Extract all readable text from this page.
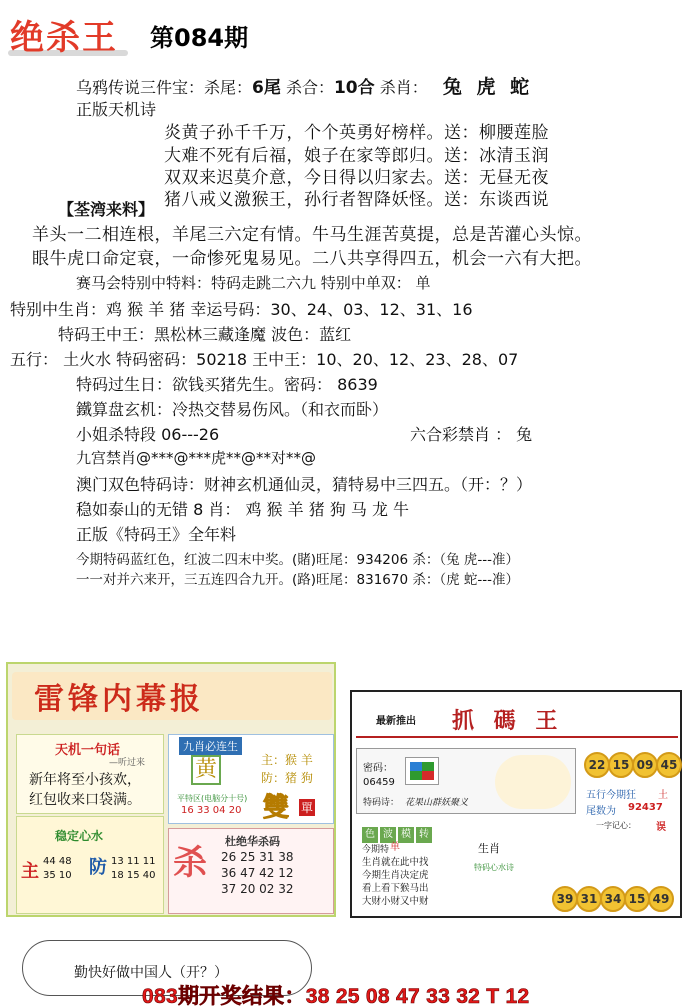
绝杀王 第084期
乌鸦传说三件宝：杀尾：6尾 杀合：10合 杀肖： 兔 虎 蛇
正版天机诗
炎黄子孙千千万，个个英勇好榜样。送：柳腰莲脸
大难不死有后福，娘子在家等郎归。送：冰清玉润
双双来迟莫介意，今日得以归家去。送：无昼无夜
猪八戒义激猴王，孙行者智降妖怪。送：东谈西说
【荃湾来料】
羊头一二相连根，羊尾三六定有情。牛马生涯苦莫提，总是苦灌心头惊。
眼牛虎口命定衰，一命惨死鬼易见。二八共享得四五，机会一六有大把。
赛马会特别中特料：特码走跳二六九 特别中单双： 单
特别中生肖：鸡 猴 羊 猪 幸运号码：30、24、03、12、31、16
特码王中王：黑松林三藏逢魔 波色：蓝红
五行： 土火水 特码密码：50218 王中王：10、20、12、23、28、07
特码过生日：欲钱买猪先生。密码： 8639
鐵算盘玄机：冷热交替易伤风。（和衣而卧）
小姐杀特段 06---26	六合彩禁肖 ： 兔
九宫禁肖@***@***虎**@**对**@
澳门双色特码诗：财神玄机通仙灵，猜特易中三四五。（开：？）
稳如泰山的无错 8 肖： 鸡 猴 羊 猪 狗 马 龙 牛
正版《特码王》全年料
今期特码蓝红色，红波二四末中奖。(賭)旺尾：934206 杀：（兔 虎---准）
一一对并六来开，三五连四合九开。(路)旺尾：831670 杀：（虎 蛇---准）
雷锋内幕报
天机一句话
—听过来
新年将至小孩欢，
红包收来口袋满。
九肖必连生
黄	主：猴 羊
防：猪 狗
平特区(电脑分十号)
16 33 04 20 雙 單
稳定心水
主 44 48
35 10 防 13 11 11
18 15 40 杀
杜绝华杀码
26 25 31 38
36 47 42 12
37 20 02 32
最新推出 抓 碼 王
密码：
06459
特码诗： 花果山群妖聚义
22 15 09 45
五行今期狂 土
尾数为 92437
色 波 模 转
生肖
今期特 单
生肖就在此中找
今期生肖决定虎
看上看下猴马出
大财小财又中财
特码心水诗
一字记心： 误
39 31 34 15 49
勤快好做中国人（开？）
083期开奖结果：38 25 08 47 33 32 T 12
